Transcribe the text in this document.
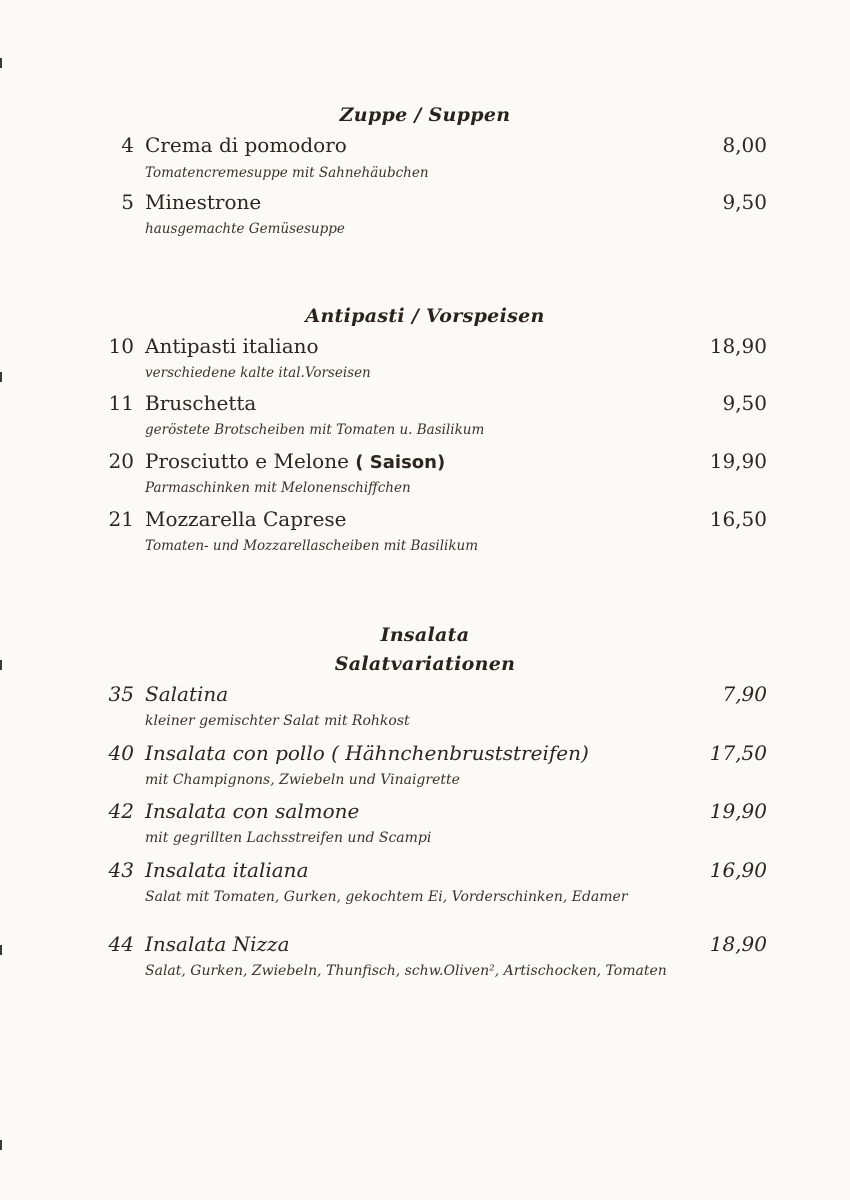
Zuppe / Suppen
4 Crema di pomodoro	8,00
Tomatencremesuppe mit Sahnehäubchen
5 Minestrone	9,50
hausgemachte Gemüsesuppe
Antipasti / Vorspeisen
10 Antipasti italiano	18,90
verschiedene kalte ital.Vorseisen
11 Bruschetta	9,50
geröstete Brotscheiben mit Tomaten u. Basilikum
20 Prosciutto e Melone ( Saison)	19,90
Parmaschinken mit Melonenschiffchen
21 Mozzarella Caprese	16,50
Tomaten- und Mozzarellascheiben mit Basilikum
Insalata
Salatvariationen
35 Salatina	7,90
kleiner gemischter Salat mit Rohkost
40 Insalata con pollo ( Hähnchenbruststreifen)	17,50
mit Champignons, Zwiebeln und Vinaigrette
42 Insalata con salmone	19,90
mit gegrillten Lachsstreifen und Scampi
43 Insalata italiana	16,90
Salat mit Tomaten, Gurken, gekochtem Ei, Vorderschinken, Edamer
44 Insalata Nizza	18,90
Salat, Gurken, Zwiebeln, Thunfisch, schw.Oliven², Artischocken, Tomaten
